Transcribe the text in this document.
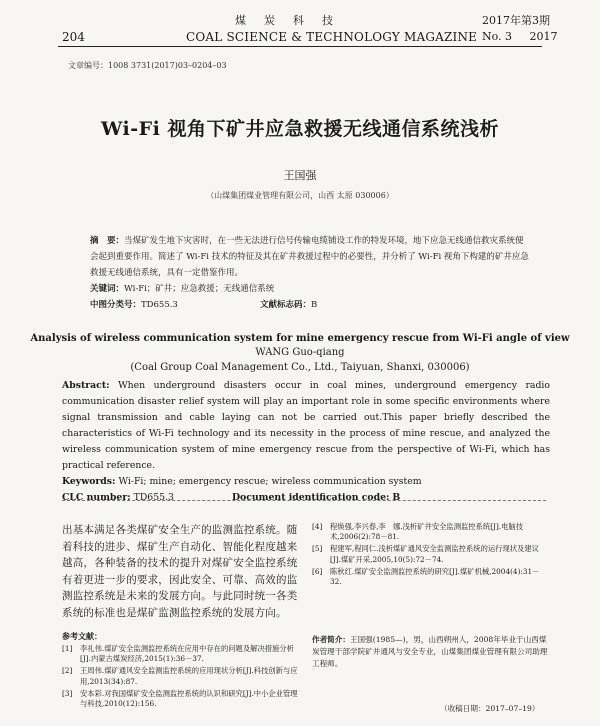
煤炭科技	2017年第3期
204	COAL SCIENCE & TECHNOLOGY MAGAZINE No. 3     2017
文章编号：1008 3731(2017)03–0204–03
Wi-Fi 视角下矿井应急救援无线通信系统浅析
王国强
（山煤集团煤业管理有限公司，山西 太原 030006）

摘　要：当煤矿发生地下灾害时，在一些无法进行信号传输电缆铺设工作的特发环境，地下应急无线通信救灾系统便会起到重要作用。简述了 Wi-Fi 技术的特征及其在矿井救援过程中的必要性，并分析了 Wi-Fi 视角下构建的矿井应急救援无线通信系统，具有一定借鉴作用。

关键词：Wi-Fi；矿井；应急救援；无线通信系统

中图分类号：TD655.3	文献标志码：B
Analysis of wireless communication system for mine emergency rescue from Wi-Fi angle of view
WANG Guo-qiang
(Coal Group Coal Management Co., Ltd., Taiyuan, Shanxi, 030006)

Abstract: When underground disasters occur in coal mines, underground emergency radio communication disaster relief system will play an important role in some specific environments where signal transmission and cable laying can not be carried out.This paper briefly described the characteristics of Wi-Fi technology and its necessity in the process of mine rescue, and analyzed the wireless communication system of mine emergency rescue from the perspective of Wi-Fi, which has practical reference.

Keywords: Wi-Fi; mine; emergency rescue; wireless communication system

CLC number: TD655.3	Document identification code: B
出基本满足各类煤矿安全生产的监测监控系统。随着科技的进步、煤矿生产自动化、智能化程度越来越高，各种装备的技术的提升对煤矿安全监控系统有着更进一步的要求，因此安全、可靠、高效的监测监控系统是未来的发展方向。与此同时统一各类系统的标准也是煤矿监测监控系统的发展方向。
参考文献：
[1]	李礼伟.煤矿安全监测监控系统在应用中存在的问题及解决措施分析[J].内蒙古煤炭经济,2015(1):36－37.
[2]	王周伟.煤矿通风安全监测监控系统的应用现状分析[J].科技创新与应用,2013(34):87.
[3]	安本彩.对我国煤矿安全监测监控系统的认识和研究[J].中小企业管理与科技,2010(12):156.
[4]	程焕强,李兴春,李　娜.浅析矿井安全监测监控系统[J].电脑技术,2006(2):78－81.
[5]	程建军,程同仁.浅析煤矿通风安全监测监控系统的运行现状及建议[J].煤矿开采,2005,10(5):72－74.
[6]	陈秋红.煤矿安全监测监控系统的研究[J].煤矿机械,2004(4):31－32.
作者简介：王国强(1985—)，男，山西朔州人，2008年毕业于山西煤炭管理干部学院矿井通风与安全专业，山煤集团煤业管理有限公司助理工程师。
（收稿日期：2017–07–19）
